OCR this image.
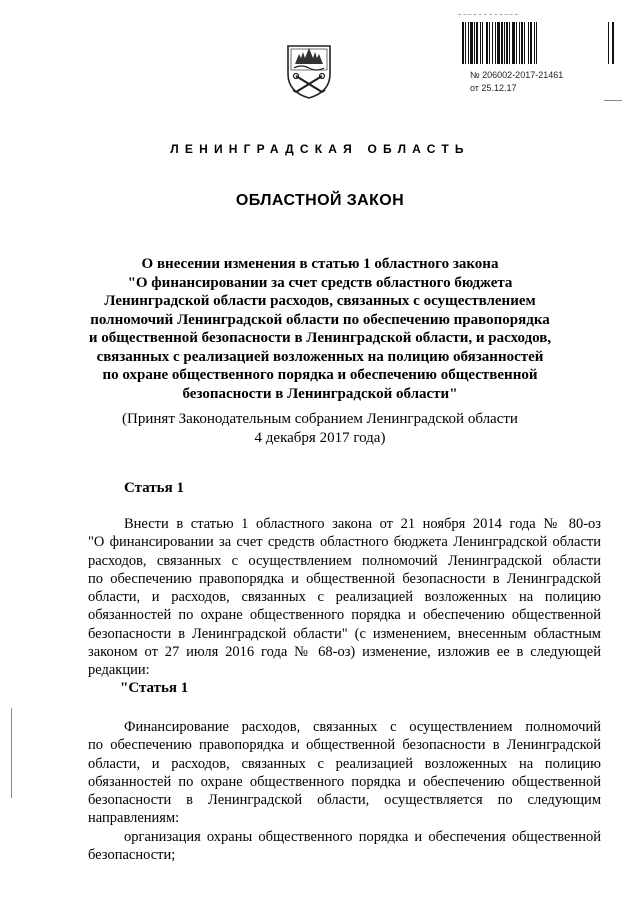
№ 206002-2017-21461
от 25.12.17
ЛЕНИНГРАДСКАЯ ОБЛАСТЬ
ОБЛАСТНОЙ ЗАКОН
О внесении изменения в статью 1 областного закона
"О финансировании за счет средств областного бюджета
Ленинградской области расходов, связанных с осуществлением
полномочий Ленинградской области по обеспечению правопорядка
и общественной безопасности в Ленинградской области, и расходов,
связанных с реализацией возложенных на полицию обязанностей
по охране общественного порядка и обеспечению общественной
безопасности в Ленинградской области"
(Принят Законодательным собранием Ленинградской области
4 декабря 2017 года)
Статья 1
Внести в статью 1 областного закона от 21 ноября 2014 года № 80-оз
"О финансировании за счет средств областного бюджета Ленинградской области
расходов, связанных с осуществлением полномочий Ленинградской области
по обеспечению правопорядка и общественной безопасности в Ленинградской
области, и расходов, связанных с реализацией возложенных на полицию
обязанностей по охране общественного порядка и обеспечению общественной
безопасности в Ленинградской области" (с изменением, внесенным областным
законом от 27 июля 2016 года № 68-оз) изменение, изложив ее в следующей
редакции:
"Статья 1
Финансирование расходов, связанных с осуществлением полномочий
по обеспечению правопорядка и общественной безопасности в Ленинградской
области, и расходов, связанных с реализацией возложенных на полицию
обязанностей по охране общественного порядка и обеспечению общественной
безопасности в Ленинградской области, осуществляется по следующим
направлениям:
организация охраны общественного порядка и обеспечения общественной
безопасности;
